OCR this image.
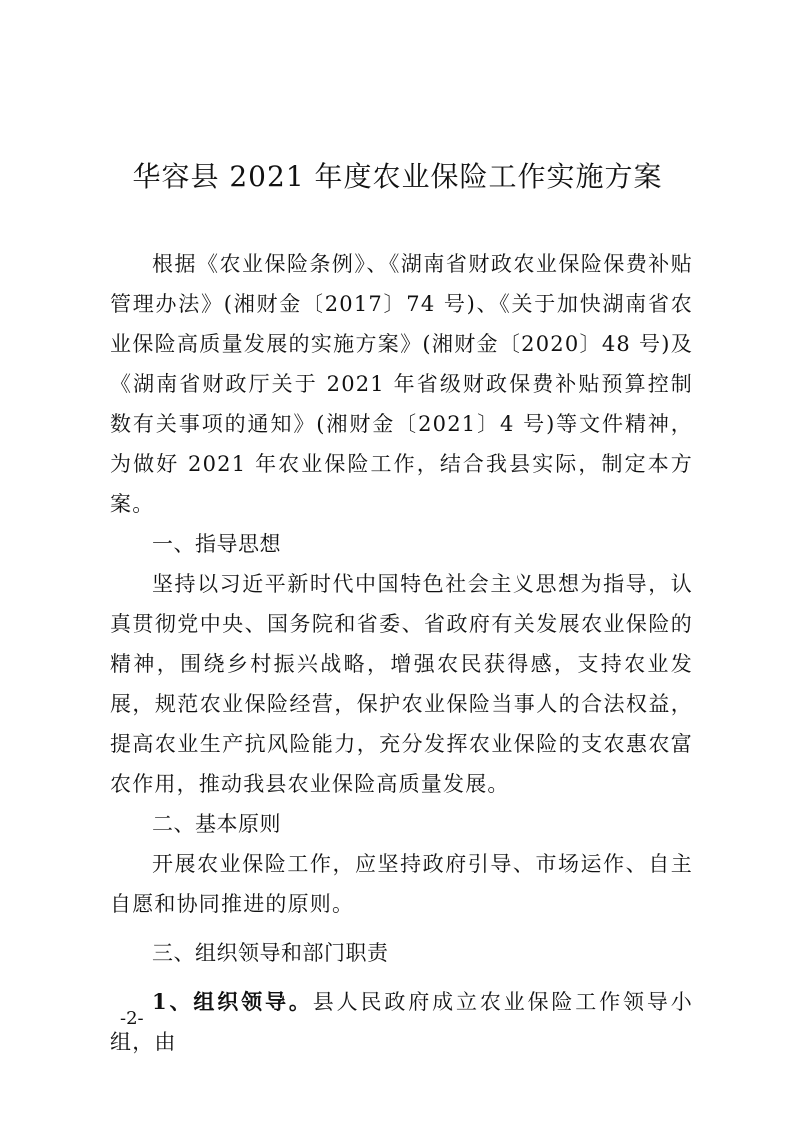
华容县 2021 年度农业保险工作实施方案

根据《农业保险条例》、《湖南省财政农业保险保费补贴管理办法》(湘财金〔2017〕74 号)、《关于加快湖南省农业保险高质量发展的实施方案》(湘财金〔2020〕48 号)及《湖南省财政厅关于 2021 年省级财政保费补贴预算控制数有关事项的通知》(湘财金〔2021〕4 号)等文件精神，为做好 2021 年农业保险工作，结合我县实际，制定本方案。

一、指导思想

坚持以习近平新时代中国特色社会主义思想为指导，认真贯彻党中央、国务院和省委、省政府有关发展农业保险的精神，围绕乡村振兴战略，增强农民获得感，支持农业发展，规范农业保险经营，保护农业保险当事人的合法权益，提高农业生产抗风险能力，充分发挥农业保险的支农惠农富农作用，推动我县农业保险高质量发展。

二、基本原则

开展农业保险工作，应坚持政府引导、市场运作、自主自愿和协同推进的原则。

三、组织领导和部门职责

1、组织领导。县人民政府成立农业保险工作领导小组，由

-2-
